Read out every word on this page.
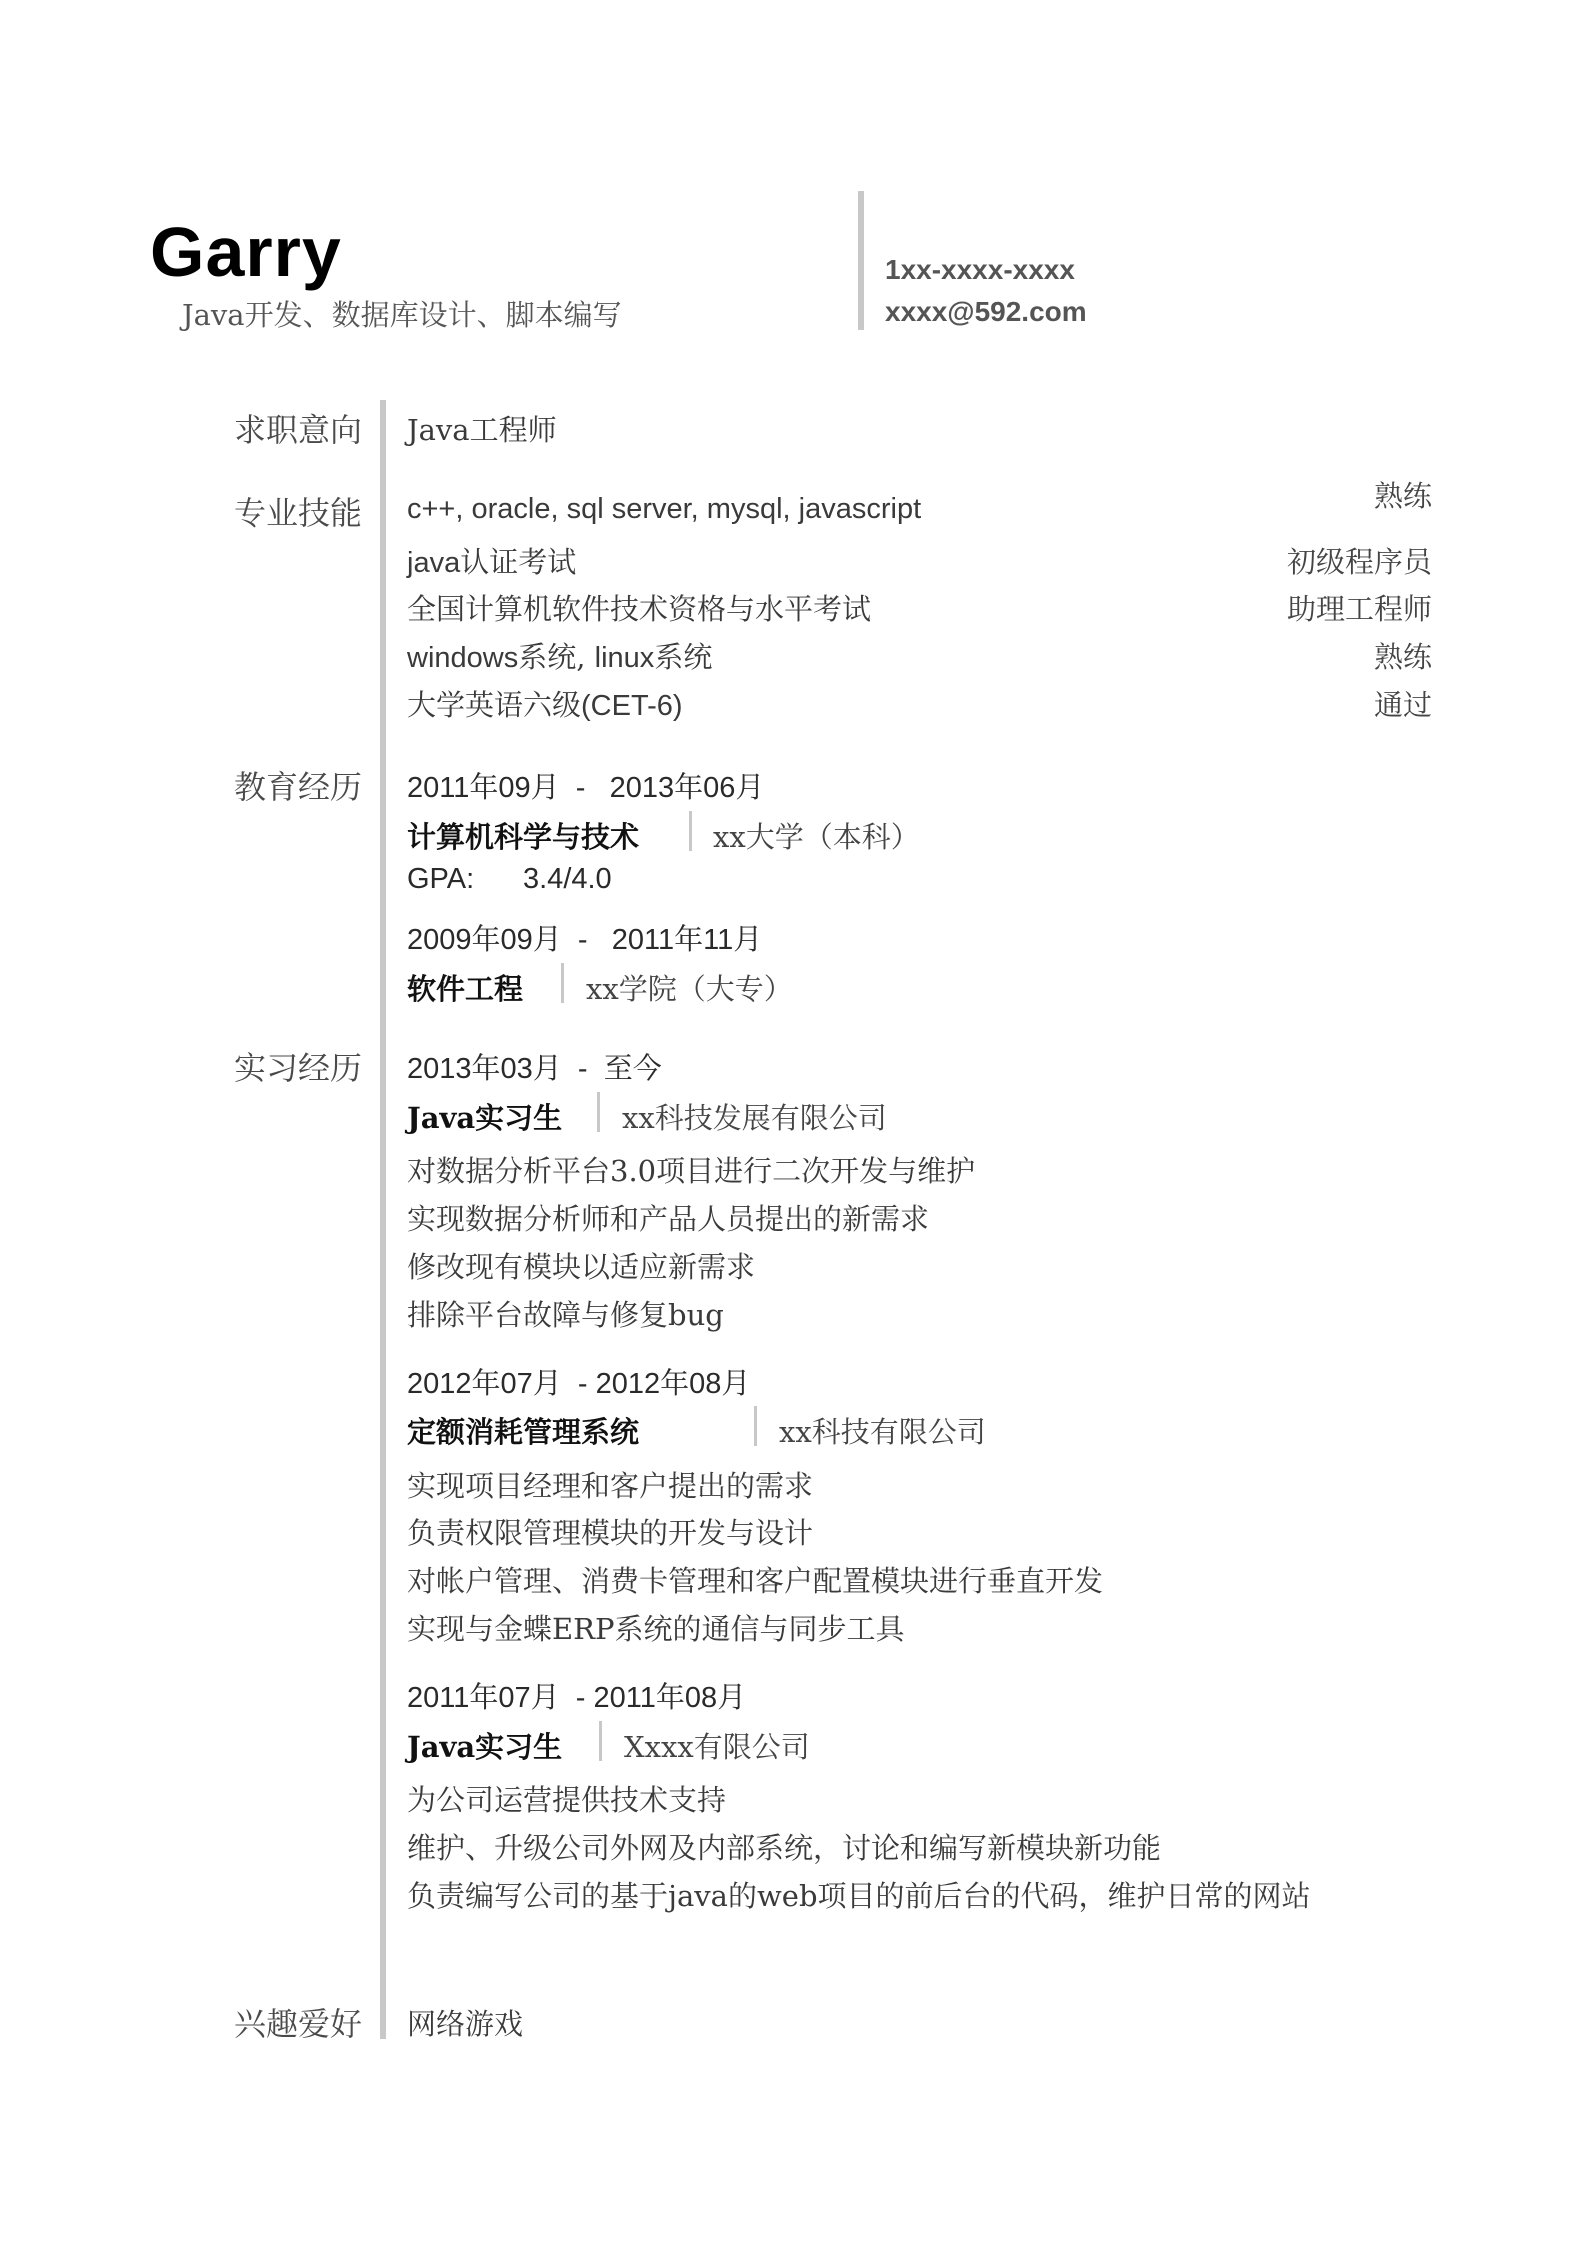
Garry
Java开发、数据库设计、脚本编写
1xx-xxxx-xxxx
xxxx@592.com
求职意向 Java工程师
专业技能 c++, oracle, sql server, mysql, javascript	熟练
java认证考试	初级程序员
全国计算机软件技术资格与水平考试	助理工程师
windows系统, linux系统	熟练
大学英语六级(CET-6)	通过
教育经历 2011年09月 - 2013年06月
计算机科学与技术	xx大学（本科）
GPA: 3.4/4.0
2009年09月 - 2011年11月
软件工程 xx学院（大专）
实习经历 2013年03月 - 至今
Java实习生 xx科技发展有限公司
对数据分析平台3.0项目进行二次开发与维护
实现数据分析师和产品人员提出的新需求
修改现有模块以适应新需求
排除平台故障与修复bug
2012年07月 - 2012年08月
定额消耗管理系统	xx科技有限公司
实现项目经理和客户提出的需求
负责权限管理模块的开发与设计
对帐户管理、消费卡管理和客户配置模块进行垂直开发
实现与金蝶ERP系统的通信与同步工具
2011年07月 - 2011年08月
Java实习生 Xxxx有限公司
为公司运营提供技术支持
维护、升级公司外网及内部系统，讨论和编写新模块新功能
负责编写公司的基于java的web项目的前后台的代码，维护日常的网站
兴趣爱好 网络游戏
